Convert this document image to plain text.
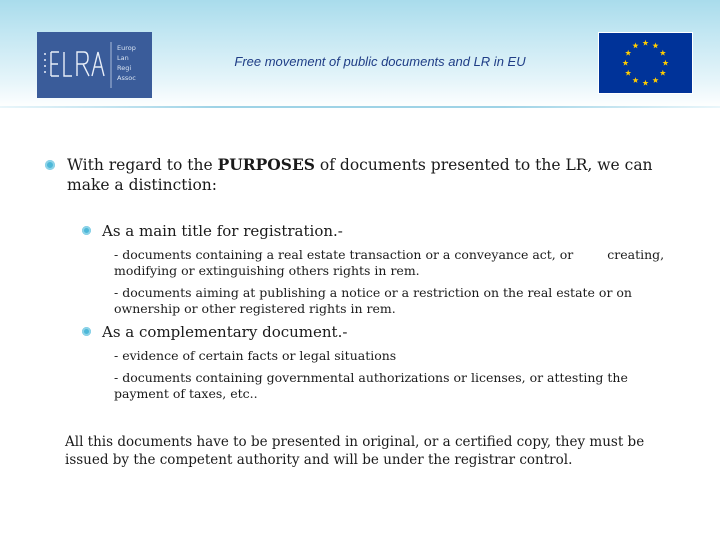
Europ
Lan
Regi
Assoc
Free movement of public documents and LR in EU
With regard to the PURPOSES of documents presented to the LR, we can make a distinction:
As a main title for registration.-
- documents containing a real estate transaction or a conveyance act, or	creating, modifying or extinguishing others rights in rem.
- documents aiming at publishing a notice or a restriction on the real estate or on ownership or other registered rights in rem.
As a complementary document.-
- evidence of certain facts or legal situations
- documents containing governmental authorizations or licenses, or attesting the payment of taxes, etc..
All this documents have to be presented in original, or a certified copy, they must be issued by the competent authority and will be under the registrar control.
